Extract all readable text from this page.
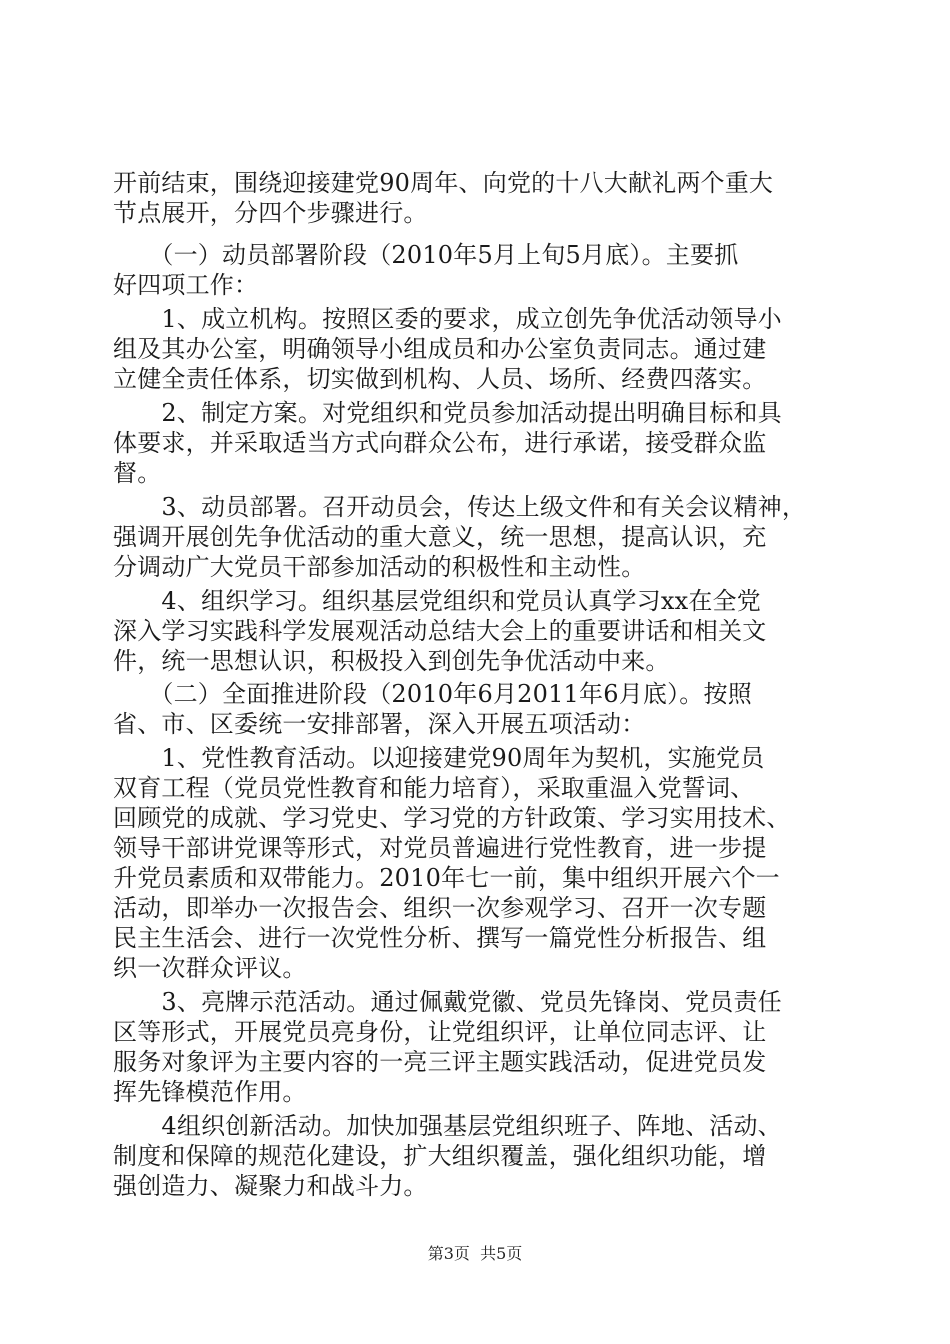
开前结束，围绕迎接建党90周年、向党的十八大献礼两个重大
节点展开，分四个步骤进行。
　　（一）动员部署阶段（2010年5月上旬5月底）。主要抓
好四项工作：
　　1、成立机构。按照区委的要求，成立创先争优活动领导小
组及其办公室，明确领导小组成员和办公室负责同志。通过建
立健全责任体系，切实做到机构、人员、场所、经费四落实。
　　2、制定方案。对党组织和党员参加活动提出明确目标和具
体要求，并采取适当方式向群众公布，进行承诺，接受群众监
督。
　　3、动员部署。召开动员会，传达上级文件和有关会议精神，
强调开展创先争优活动的重大意义，统一思想，提高认识，充
分调动广大党员干部参加活动的积极性和主动性。
　　4、组织学习。组织基层党组织和党员认真学习xx在全党
深入学习实践科学发展观活动总结大会上的重要讲话和相关文
件，统一思想认识，积极投入到创先争优活动中来。
　　（二）全面推进阶段（2010年6月2011年6月底）。按照
省、市、区委统一安排部署，深入开展五项活动：
　　1、党性教育活动。以迎接建党90周年为契机，实施党员
双育工程（党员党性教育和能力培育），采取重温入党誓词、
回顾党的成就、学习党史、学习党的方针政策、学习实用技术、
领导干部讲党课等形式，对党员普遍进行党性教育，进一步提
升党员素质和双带能力。2010年七一前，集中组织开展六个一
活动，即举办一次报告会、组织一次参观学习、召开一次专题
民主生活会、进行一次党性分析、撰写一篇党性分析报告、组
织一次群众评议。
　　3、亮牌示范活动。通过佩戴党徽、党员先锋岗、党员责任
区等形式，开展党员亮身份，让党组织评，让单位同志评、让
服务对象评为主要内容的一亮三评主题实践活动，促进党员发
挥先锋模范作用。
　　4组织创新活动。加快加强基层党组织班子、阵地、活动、
制度和保障的规范化建设，扩大组织覆盖，强化组织功能，增
强创造力、凝聚力和战斗力。
第3页  共5页
